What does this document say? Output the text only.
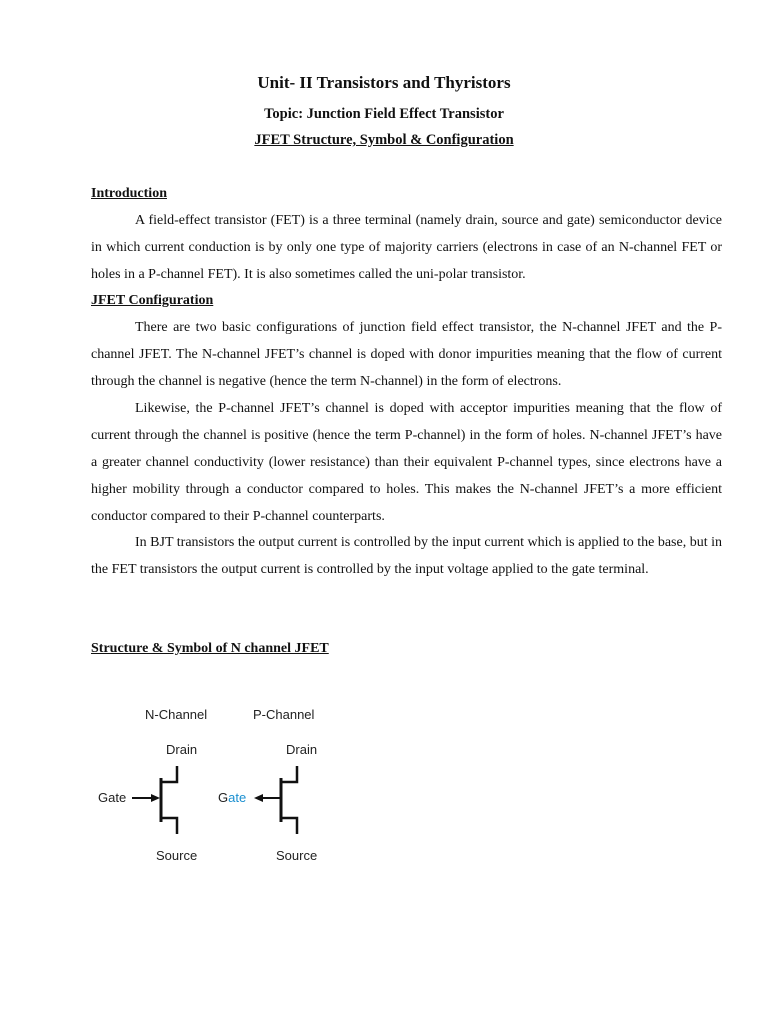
Unit- II Transistors and Thyristors
Topic: Junction Field Effect Transistor
JFET Structure, Symbol & Configuration
Introduction

A field-effect transistor (FET) is a three terminal (namely drain, source and gate) semiconductor device in which current conduction is by only one type of majority carriers (electrons in case of an N-channel FET or holes in a P-channel FET). It is also sometimes called the uni-polar transistor.

JFET Configuration

There are two basic configurations of junction field effect transistor, the N-channel JFET and the P-channel JFET. The N-channel JFET’s channel is doped with donor impurities meaning that the flow of current through the channel is negative (hence the term N-channel) in the form of electrons.

Likewise, the P-channel JFET’s channel is doped with acceptor impurities meaning that the flow of current through the channel is positive (hence the term P-channel) in the form of holes. N-channel JFET’s have a greater channel conductivity (lower resistance) than their equivalent P-channel types, since electrons have a higher mobility through a conductor compared to holes. This makes the N-channel JFET’s a more efficient conductor compared to their P-channel counterparts.

In BJT transistors the output current is controlled by the input current which is applied to the base, but in the FET transistors the output current is controlled by the input voltage applied to the gate terminal.

Structure & Symbol of N channel JFET
N-Channel
Drain
Gate
Source
P-Channel
Drain
Gate
Source
